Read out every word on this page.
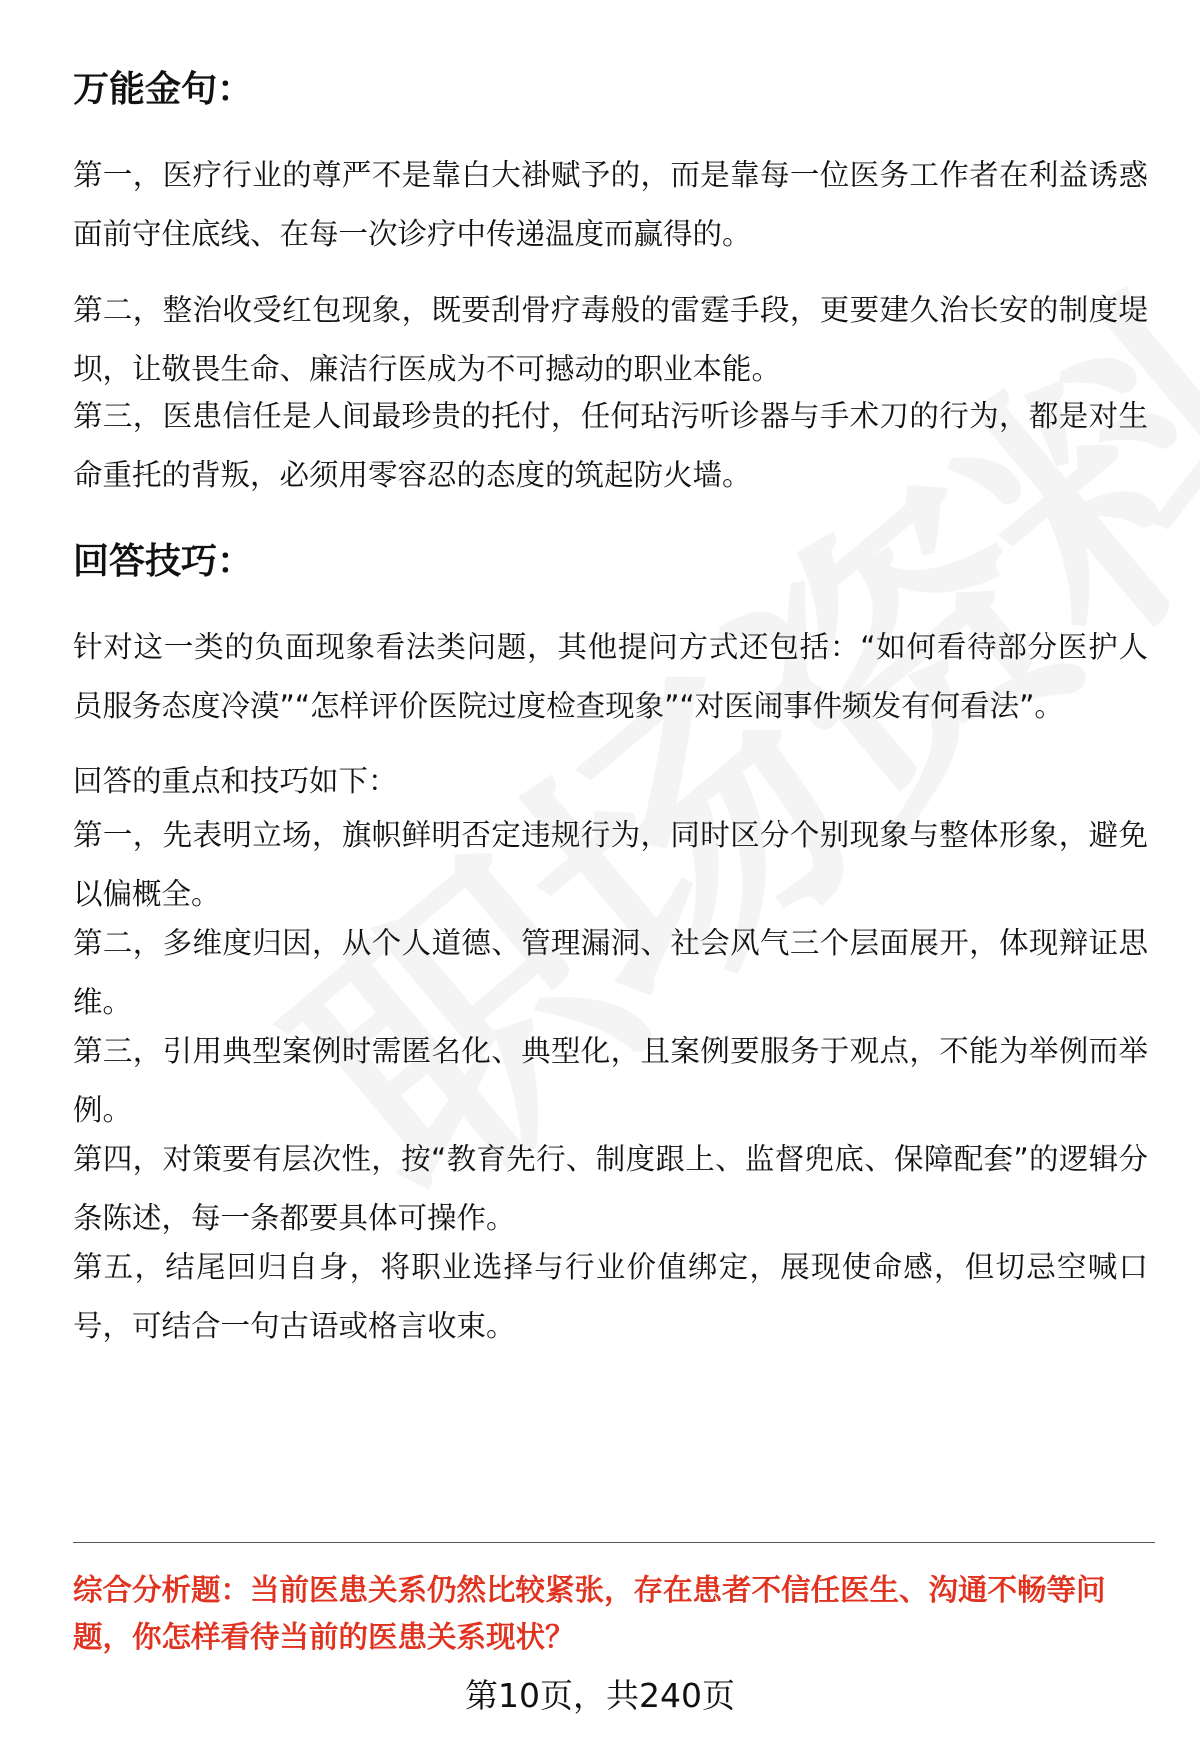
万能金句：

第一，医疗行业的尊严不是靠白大褂赋予的，而是靠每一位医务工作者在利益诱惑面前守住底线、在每一次诊疗中传递温度而赢得的。

第二，整治收受红包现象，既要刮骨疗毒般的雷霆手段，更要建久治长安的制度堤坝，让敬畏生命、廉洁行医成为不可撼动的职业本能。

第三，医患信任是人间最珍贵的托付，任何玷污听诊器与手术刀的行为，都是对生命重托的背叛，必须用零容忍的态度的筑起防火墙。

回答技巧：

针对这一类的负面现象看法类问题，其他提问方式还包括：“如何看待部分医护人员服务态度冷漠”“怎样评价医院过度检查现象”“对医闹事件频发有何看法”。

回答的重点和技巧如下：

第一，先表明立场，旗帜鲜明否定违规行为，同时区分个别现象与整体形象，避免以偏概全。

第二，多维度归因，从个人道德、管理漏洞、社会风气三个层面展开，体现辩证思维。

第三，引用典型案例时需匿名化、典型化，且案例要服务于观点，不能为举例而举例。

第四，对策要有层次性，按“教育先行、制度跟上、监督兜底、保障配套”的逻辑分条陈述，每一条都要具体可操作。

第五，结尾回归自身，将职业选择与行业价值绑定，展现使命感，但切忌空喊口号，可结合一句古语或格言收束。

综合分析题：当前医患关系仍然比较紧张，存在患者不信任医生、沟通不畅等问题，你怎样看待当前的医患关系现状？

第10页，共240页
